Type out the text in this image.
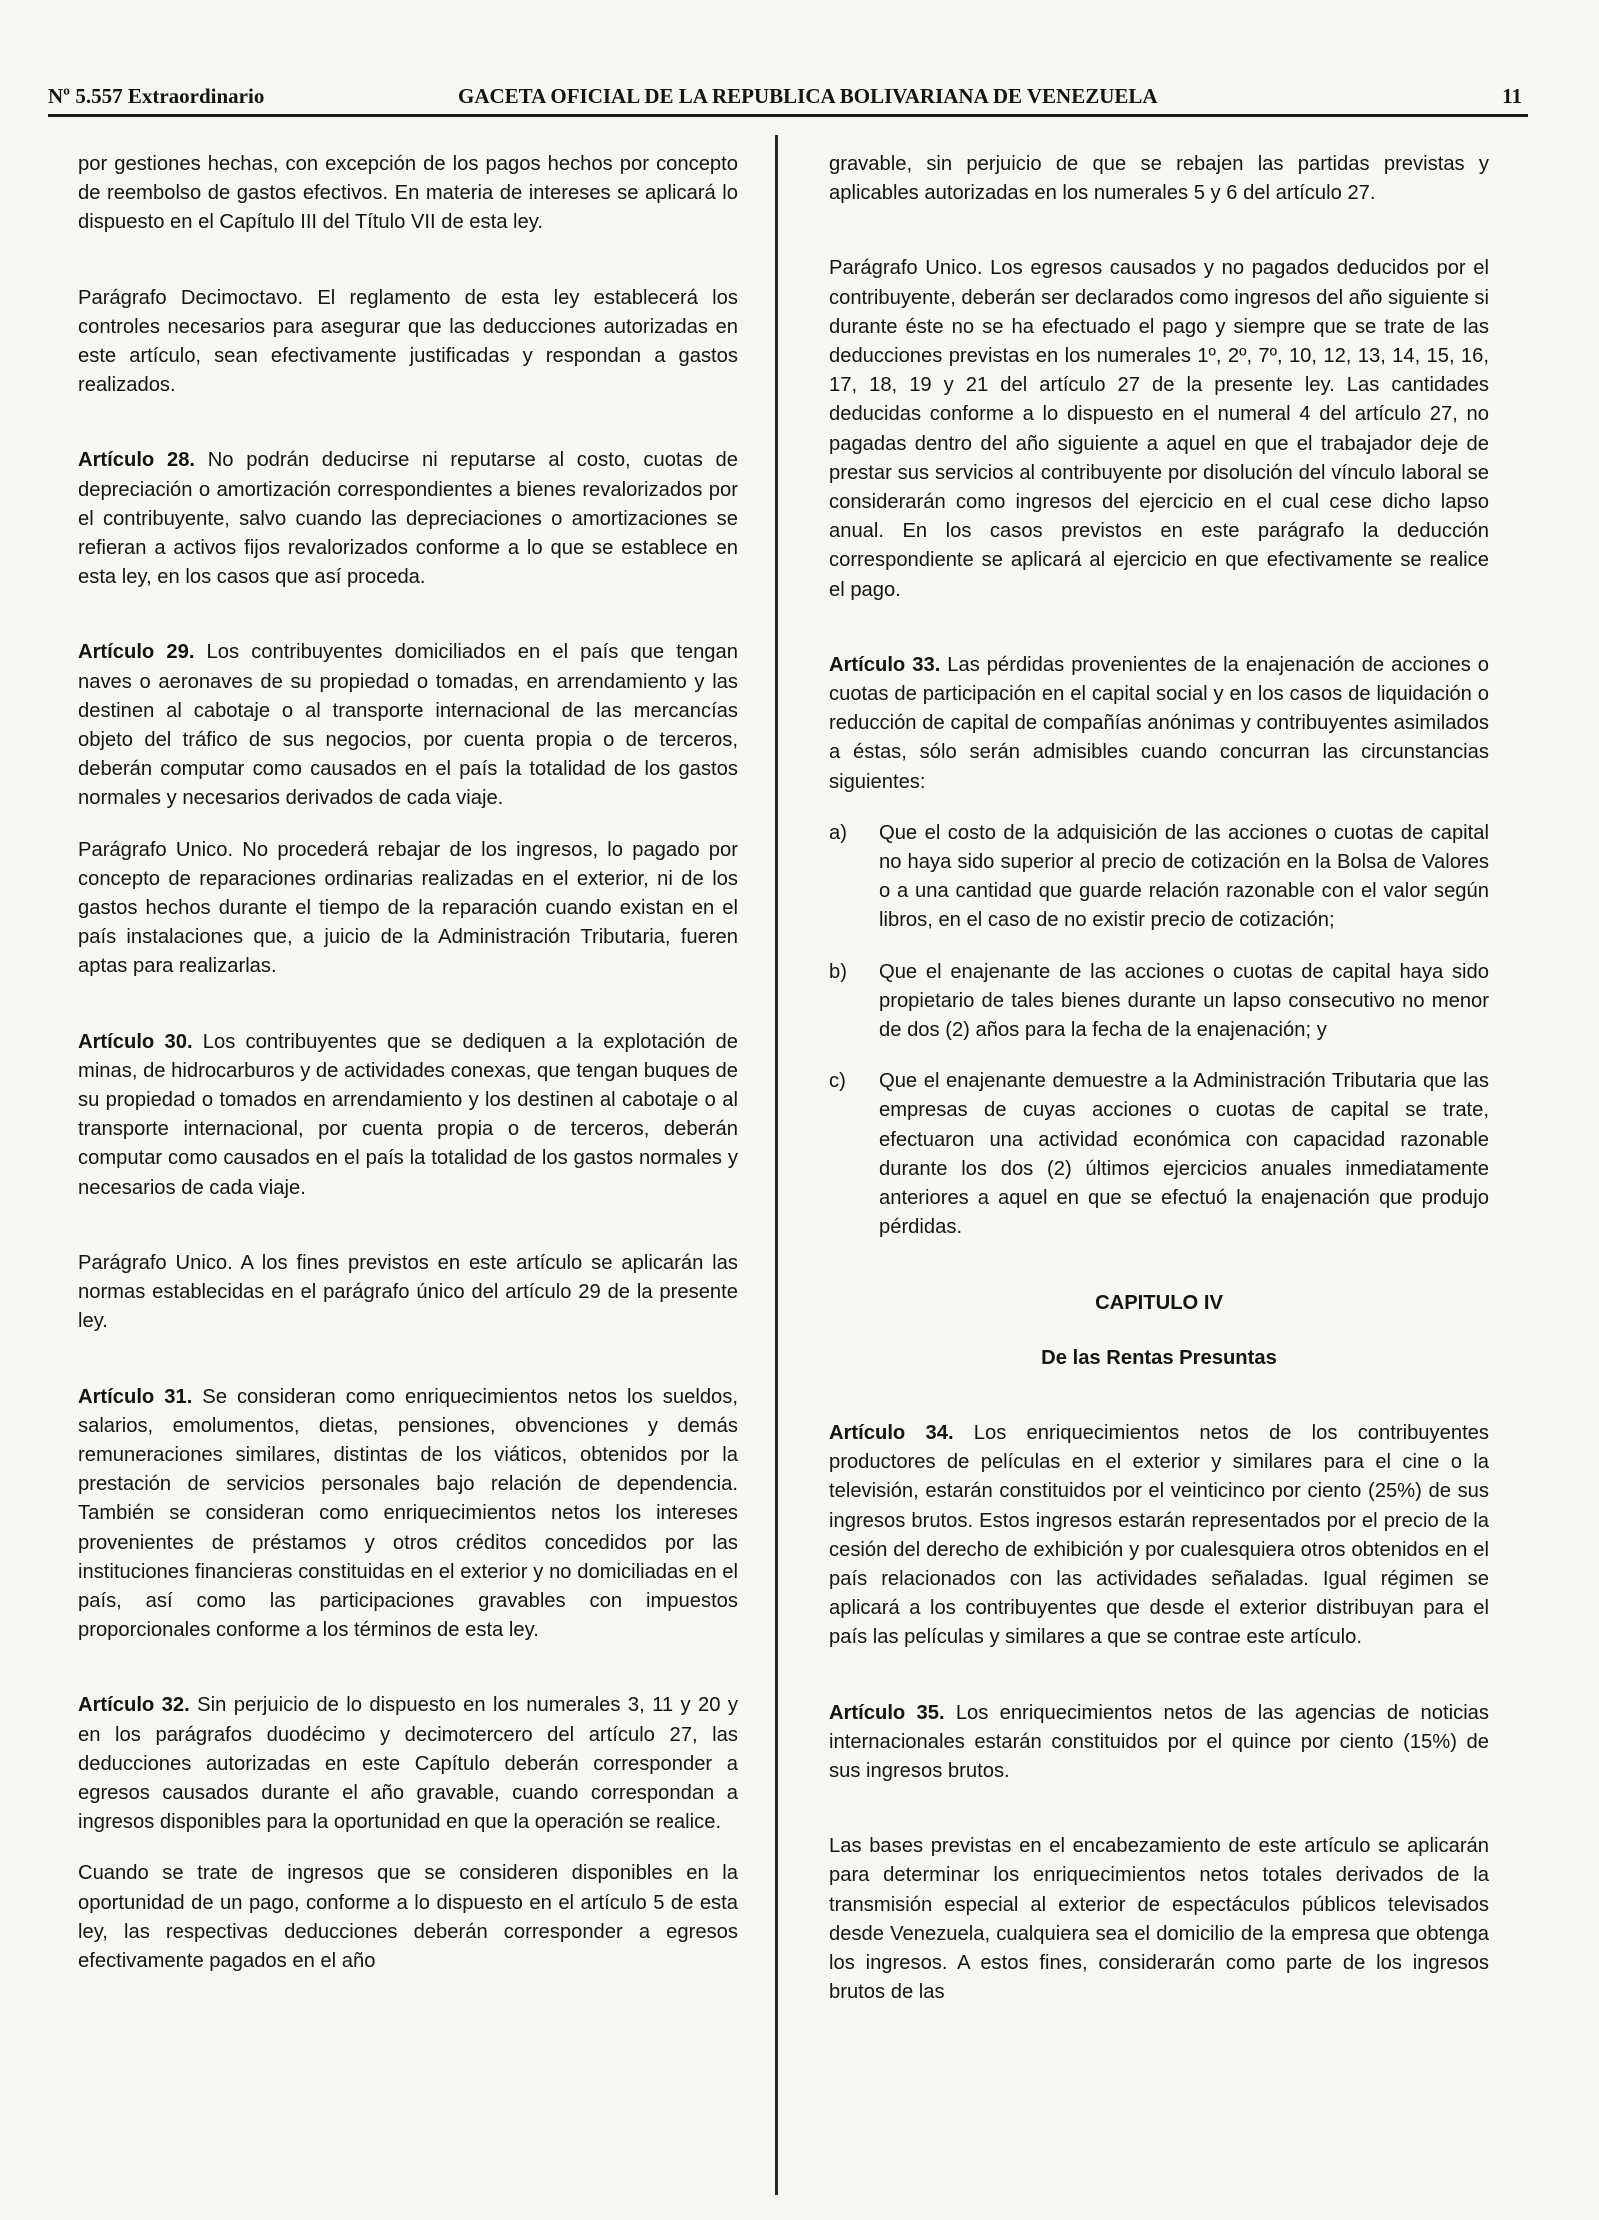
Nº 5.557 Extraordinario	GACETA OFICIAL DE LA REPUBLICA BOLIVARIANA DE VENEZUELA	11

por gestiones hechas, con excepción de los pagos hechos por concepto de reembolso de gastos efectivos. En materia de intereses se aplicará lo dispuesto en el Capítulo III del Título VII de esta ley.

Parágrafo Decimoctavo. El reglamento de esta ley establecerá los controles necesarios para asegurar que las deducciones autorizadas en este artículo, sean efectivamente justificadas y respondan a gastos realizados.

Artículo 28. No podrán deducirse ni reputarse al costo, cuotas de depreciación o amortización correspondientes a bienes revalorizados por el contribuyente, salvo cuando las depreciaciones o amortizaciones se refieran a activos fijos revalorizados conforme a lo que se establece en esta ley, en los casos que así proceda.

Artículo 29. Los contribuyentes domiciliados en el país que tengan naves o aeronaves de su propiedad o tomadas, en arrendamiento y las destinen al cabotaje o al transporte internacional de las mercancías objeto del tráfico de sus negocios, por cuenta propia o de terceros, deberán computar como causados en el país la totalidad de los gastos normales y necesarios derivados de cada viaje.

Parágrafo Unico. No procederá rebajar de los ingresos, lo pagado por concepto de reparaciones ordinarias realizadas en el exterior, ni de los gastos hechos durante el tiempo de la reparación cuando existan en el país instalaciones que, a juicio de la Administración Tributaria, fueren aptas para realizarlas.

Artículo 30. Los contribuyentes que se dediquen a la explotación de minas, de hidrocarburos y de actividades conexas, que tengan buques de su propiedad o tomados en arrendamiento y los destinen al cabotaje o al transporte internacional, por cuenta propia o de terceros, deberán computar como causados en el país la totalidad de los gastos normales y necesarios de cada viaje.

Parágrafo Unico. A los fines previstos en este artículo se aplicarán las normas establecidas en el parágrafo único del artículo 29 de la presente ley.

Artículo 31. Se consideran como enriquecimientos netos los sueldos, salarios, emolumentos, dietas, pensiones, obvenciones y demás remuneraciones similares, distintas de los viáticos, obtenidos por la prestación de servicios personales bajo relación de dependencia. También se consideran como enriquecimientos netos los intereses provenientes de préstamos y otros créditos concedidos por las instituciones financieras constituidas en el exterior y no domiciliadas en el país, así como las participaciones gravables con impuestos proporcionales conforme a los términos de esta ley.

Artículo 32. Sin perjuicio de lo dispuesto en los numerales 3, 11 y 20 y en los parágrafos duodécimo y decimotercero del artículo 27, las deducciones autorizadas en este Capítulo deberán corresponder a egresos causados durante el año gravable, cuando correspondan a ingresos disponibles para la oportunidad en que la operación se realice.

Cuando se trate de ingresos que se consideren disponibles en la oportunidad de un pago, conforme a lo dispuesto en el artículo 5 de esta ley, las respectivas deducciones deberán corresponder a egresos efectivamente pagados en el año

gravable, sin perjuicio de que se rebajen las partidas previstas y aplicables autorizadas en los numerales 5 y 6 del artículo 27.

Parágrafo Unico. Los egresos causados y no pagados deducidos por el contribuyente, deberán ser declarados como ingresos del año siguiente si durante éste no se ha efectuado el pago y siempre que se trate de las deducciones previstas en los numerales 1º, 2º, 7º, 10, 12, 13, 14, 15, 16, 17, 18, 19 y 21 del artículo 27 de la presente ley. Las cantidades deducidas conforme a lo dispuesto en el numeral 4 del artículo 27, no pagadas dentro del año siguiente a aquel en que el trabajador deje de prestar sus servicios al contribuyente por disolución del vínculo laboral se considerarán como ingresos del ejercicio en el cual cese dicho lapso anual. En los casos previstos en este parágrafo la deducción correspondiente se aplicará al ejercicio en que efectivamente se realice el pago.

Artículo 33. Las pérdidas provenientes de la enajenación de acciones o cuotas de participación en el capital social y en los casos de liquidación o reducción de capital de compañías anónimas y contribuyentes asimilados a éstas, sólo serán admisibles cuando concurran las circunstancias siguientes:

a)	Que el costo de la adquisición de las acciones o cuotas de capital no haya sido superior al precio de cotización en la Bolsa de Valores o a una cantidad que guarde relación razonable con el valor según libros, en el caso de no existir precio de cotización;
b)	Que el enajenante de las acciones o cuotas de capital haya sido propietario de tales bienes durante un lapso consecutivo no menor de dos (2) años para la fecha de la enajenación; y
c)	Que el enajenante demuestre a la Administración Tributaria que las empresas de cuyas acciones o cuotas de capital se trate, efectuaron una actividad económica con capacidad razonable durante los dos (2) últimos ejercicios anuales inmediatamente anteriores a aquel en que se efectuó la enajenación que produjo pérdidas.
CAPITULO IV
De las Rentas Presuntas

Artículo 34. Los enriquecimientos netos de los contribuyentes productores de películas en el exterior y similares para el cine o la televisión, estarán constituidos por el veinticinco por ciento (25%) de sus ingresos brutos. Estos ingresos estarán representados por el precio de la cesión del derecho de exhibición y por cualesquiera otros obtenidos en el país relacionados con las actividades señaladas. Igual régimen se aplicará a los contribuyentes que desde el exterior distribuyan para el país las películas y similares a que se contrae este artículo.

Artículo 35. Los enriquecimientos netos de las agencias de noticias internacionales estarán constituidos por el quince por ciento (15%) de sus ingresos brutos.

Las bases previstas en el encabezamiento de este artículo se aplicarán para determinar los enriquecimientos netos totales derivados de la transmisión especial al exterior de espectáculos públicos televisados desde Venezuela, cualquiera sea el domicilio de la empresa que obtenga los ingresos. A estos fines, considerarán como parte de los ingresos brutos de las
